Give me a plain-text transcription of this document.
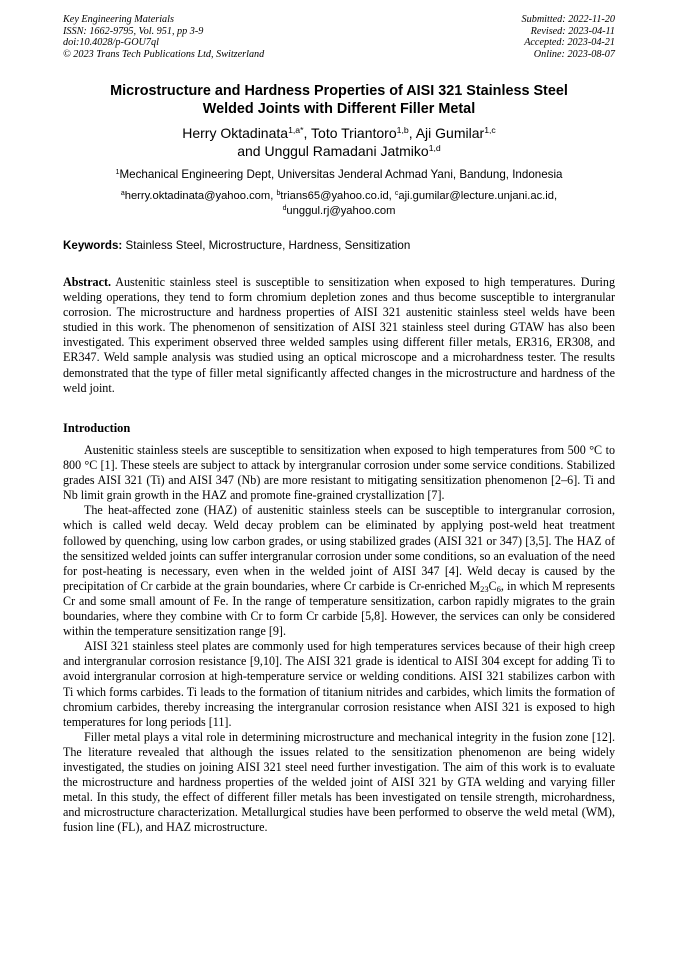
Key Engineering Materials
ISSN: 1662-9795, Vol. 951, pp 3-9
doi:10.4028/p-GOU7ql
© 2023 Trans Tech Publications Ltd, Switzerland
Submitted: 2022-11-20
Revised: 2023-04-11
Accepted: 2023-04-21
Online: 2023-08-07
Microstructure and Hardness Properties of AISI 321 Stainless Steel
Welded Joints with Different Filler Metal
Herry Oktadinata$^{1,a*}$, Toto Triantoro$^{1,b}$, Aji Gumilar$^{1,c}$
and Unggul Ramadani Jatmiko$^{1,d}$
$^1$Mechanical Engineering Dept, Universitas Jenderal Achmad Yani, Bandung, Indonesia
$^a$herry.oktadinata@yahoo.com, $^b$trians65@yahoo.co.id, $^c$aji.gumilar@lecture.unjani.ac.id,
$^d$unggul.rj@yahoo.com
Keywords: Stainless Steel, Microstructure, Hardness, Sensitization
Abstract. Austenitic stainless steel is susceptible to sensitization when exposed to high temperatures. During welding operations, they tend to form chromium depletion zones and thus become susceptible to intergranular corrosion. The microstructure and hardness properties of AISI 321 austenitic stainless steel welds have been studied in this work. The phenomenon of sensitization of AISI 321 stainless steel during GTAW has also been investigated. This experiment observed three welded samples using different filler metals, ER316, ER308, and ER347. Weld sample analysis was studied using an optical microscope and a microhardness tester. The results demonstrated that the type of filler metal significantly affected changes in the microstructure and hardness of the weld joint.
Introduction

Austenitic stainless steels are susceptible to sensitization when exposed to high temperatures from 500 °C to 800 °C [1]. These steels are subject to attack by intergranular corrosion under some service conditions. Stabilized grades AISI 321 (Ti) and AISI 347 (Nb) are more resistant to mitigating sensitization phenomenon [2–6]. Ti and Nb limit grain growth in the HAZ and promote fine-grained crystallization [7].

The heat-affected zone (HAZ) of austenitic stainless steels can be susceptible to intergranular corrosion, which is called weld decay. Weld decay problem can be eliminated by applying post-weld heat treatment followed by quenching, using low carbon grades, or using stabilized grades (AISI 321 or 347) [3,5]. The HAZ of the sensitized welded joints can suffer intergranular corrosion under some conditions, so an evaluation of the need for post-heating is necessary, even when in the welded joint of AISI 347 [4]. Weld decay is caused by the precipitation of Cr carbide at the grain boundaries, where Cr carbide is Cr-enriched $M_{23}C_6$, in which M represents Cr and some small amount of Fe. In the range of temperature sensitization, carbon rapidly migrates to the grain boundaries, where they combine with Cr to form Cr carbide [5,8]. However, the services can only be considered within the temperature sensitization range [9].

AISI 321 stainless steel plates are commonly used for high temperatures services because of their high creep and intergranular corrosion resistance [9,10]. The AISI 321 grade is identical to AISI 304 except for adding Ti to avoid intergranular corrosion at high-temperature service or welding conditions. AISI 321 stabilizes carbon with Ti which forms carbides. Ti leads to the formation of titanium nitrides and carbides, which limits the formation of chromium carbides, thereby increasing the intergranular corrosion resistance when AISI 321 is exposed to high temperatures for long periods [11].

Filler metal plays a vital role in determining microstructure and mechanical integrity in the fusion zone [12]. The literature revealed that although the issues related to the sensitization phenomenon are being widely investigated, the studies on joining AISI 321 steel need further investigation. The aim of this work is to evaluate the microstructure and hardness properties of the welded joint of AISI 321 by GTA welding and varying filler metal. In this study, the effect of different filler metals has been investigated on tensile strength, microhardness, and microstructure characterization. Metallurgical studies have been performed to observe the weld metal (WM), fusion line (FL), and HAZ microstructure.
